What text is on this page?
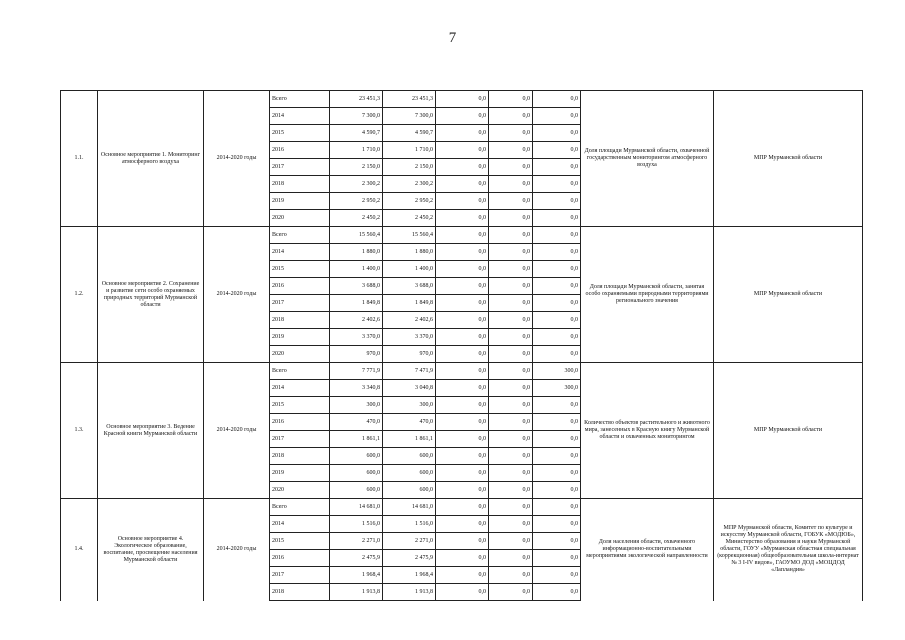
7
1.1.	Основное мероприятие 1. Мониторинг атмосферного воздуха	2014-2020 годы	Всего	23 451,3	23 451,3	0,0	0,0	0,0	Доля площади Мурманской области, охваченной государственным мониторингом атмосферного воздуха	МПР Мурманской области
			2014	7 300,0	7 300,0	0,0	0,0	0,0		
			2015	4 590,7	4 590,7	0,0	0,0	0,0		
			2016	1 710,0	1 710,0	0,0	0,0	0,0		
			2017	2 150,0	2 150,0	0,0	0,0	0,0		
			2018	2 300,2	2 300,2	0,0	0,0	0,0		
			2019	2 950,2	2 950,2	0,0	0,0	0,0		
			2020	2 450,2	2 450,2	0,0	0,0	0,0		
1.2.	Основное мероприятие 2. Сохранение и развитие сети особо охраняемых природных территорий Мурманской области	2014-2020 годы	Всего	15 560,4	15 560,4	0,0	0,0	0,0	Доля площади Мурманской области, занятая особо охраняемыми природными территориями регионального значения	МПР Мурманской области
			2014	1 880,0	1 880,0	0,0	0,0	0,0		
			2015	1 400,0	1 400,0	0,0	0,0	0,0		
			2016	3 688,0	3 688,0	0,0	0,0	0,0		
			2017	1 849,8	1 849,8	0,0	0,0	0,0		
			2018	2 402,6	2 402,6	0,0	0,0	0,0		
			2019	3 370,0	3 370,0	0,0	0,0	0,0		
			2020	970,0	970,0	0,0	0,0	0,0		
1.3.	Основное мероприятие 3. Ведение Красной книги Мурманской области	2014-2020 годы	Всего	7 771,9	7 471,9	0,0	0,0	300,0	Количество объектов растительного и животного мира, занесенных в Красную книгу Мурманской области и охваченных мониторингом	МПР Мурманской области
			2014	3 340,8	3 040,8	0,0	0,0	300,0		
			2015	300,0	300,0	0,0	0,0	0,0		
			2016	470,0	470,0	0,0	0,0	0,0		
			2017	1 861,1	1 861,1	0,0	0,0	0,0		
			2018	600,0	600,0	0,0	0,0	0,0		
			2019	600,0	600,0	0,0	0,0	0,0		
			2020	600,0	600,0	0,0	0,0	0,0		
1.4.	Основное мероприятие 4. Экологическое образование, воспитание, просвещение населения Мурманской области	2014-2020 годы	Всего	14 681,0	14 681,0	0,0	0,0	0,0	Доля населения области, охваченного информационно-воспитательными мероприятиями экологической направленности	МПР Мурманской области, Комитет по культуре и искусству Мурманской области, ГОБУК «МОДЮБ», Министерство образования и науки Мурманской области, ГОУУ «Мурманская областная специальная (коррекционная) общеобразовательная школа-интернат № 3 I-IV видов», ГАОУМО ДОД «МОЦДОД «Лапландия»
			2014	1 516,0	1 516,0	0,0	0,0	0,0		
			2015	2 271,0	2 271,0	0,0	0,0	0,0		
			2016	2 475,9	2 475,9	0,0	0,0	0,0		
			2017	1 968,4	1 968,4	0,0	0,0	0,0		
			2018	1 913,8	1 913,8	0,0	0,0	0,0		
